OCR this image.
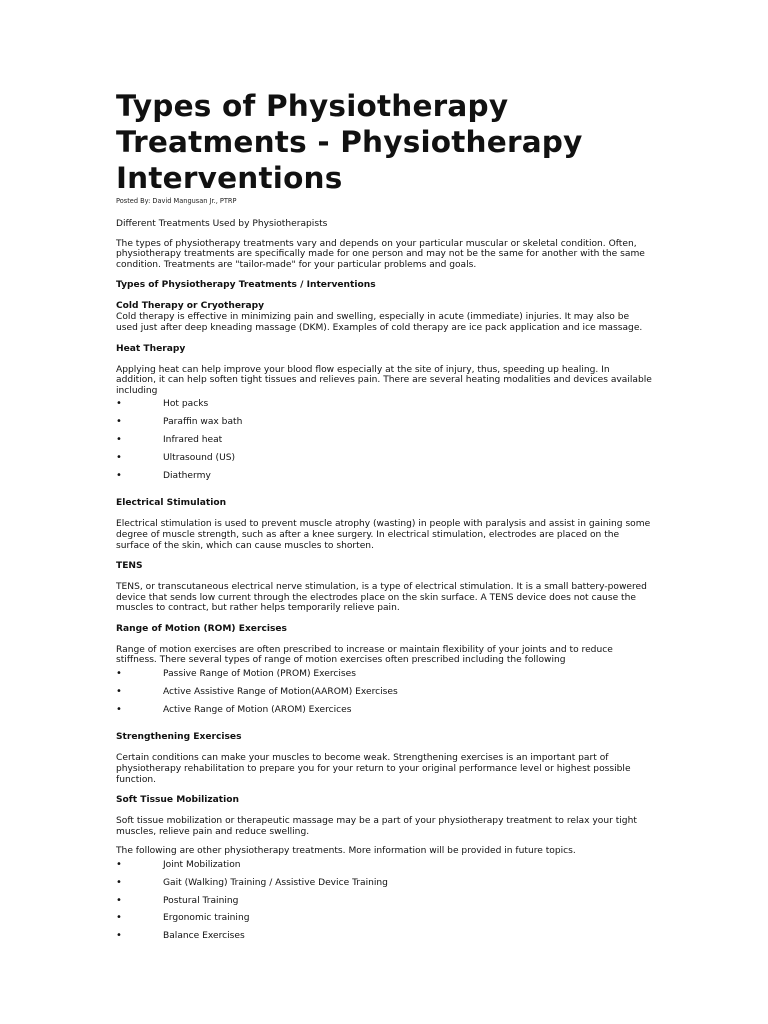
Types of Physiotherapy Treatments - Physiotherapy Interventions
Posted By: David Mangusan Jr., PTRP

Different Treatments Used by Physiotherapists

The types of physiotherapy treatments vary and depends on your particular muscular or skeletal condition. Often, physiotherapy treatments are specifically made for one person and may not be the same for another with the same condition. Treatments are "tailor-made" for your particular problems and goals.

Types of Physiotherapy Treatments / Interventions
Cold Therapy or Cryotherapy

Cold therapy is effective in minimizing pain and swelling, especially in acute (immediate) injuries. It may also be used just after deep kneading massage (DKM). Examples of cold therapy are ice pack application and ice massage.

Heat Therapy

Applying heat can help improve your blood flow especially at the site of injury, thus, speeding up healing. In addition, it can help soften tight tissues and relieves pain. There are several heating modalities and devices available including

•	Hot packs
•	Paraffin wax bath
•	Infrared heat
•	Ultrasound (US)
•	Diathermy
Electrical Stimulation

Electrical stimulation is used to prevent muscle atrophy (wasting) in people with paralysis and assist in gaining some degree of muscle strength, such as after a knee surgery. In electrical stimulation, electrodes are placed on the surface of the skin, which can cause muscles to shorten.

TENS

TENS, or transcutaneous electrical nerve stimulation, is a type of electrical stimulation. It is a small battery-powered device that sends low current through the electrodes place on the skin surface. A TENS device does not cause the muscles to contract, but rather helps temporarily relieve pain.

Range of Motion (ROM) Exercises

Range of motion exercises are often prescribed to increase or maintain flexibility of your joints and to reduce stiffness. There several types of range of motion exercises often prescribed including the following

•	Passive Range of Motion (PROM) Exercises
•	Active Assistive Range of Motion(AAROM) Exercises
•	Active Range of Motion (AROM) Exercices
Strengthening Exercises

Certain conditions can make your muscles to become weak. Strengthening exercises is an important part of physiotherapy rehabilitation to prepare you for your return to your original performance level or highest possible function.

Soft Tissue Mobilization

Soft tissue mobilization or therapeutic massage may be a part of your physiotherapy treatment to relax your tight muscles, relieve pain and reduce swelling.

The following are other physiotherapy treatments. More information will be provided in future topics.

•	Joint Mobilization
•	Gait (Walking) Training / Assistive Device Training
•	Postural Training
•	Ergonomic training
•	Balance Exercises
